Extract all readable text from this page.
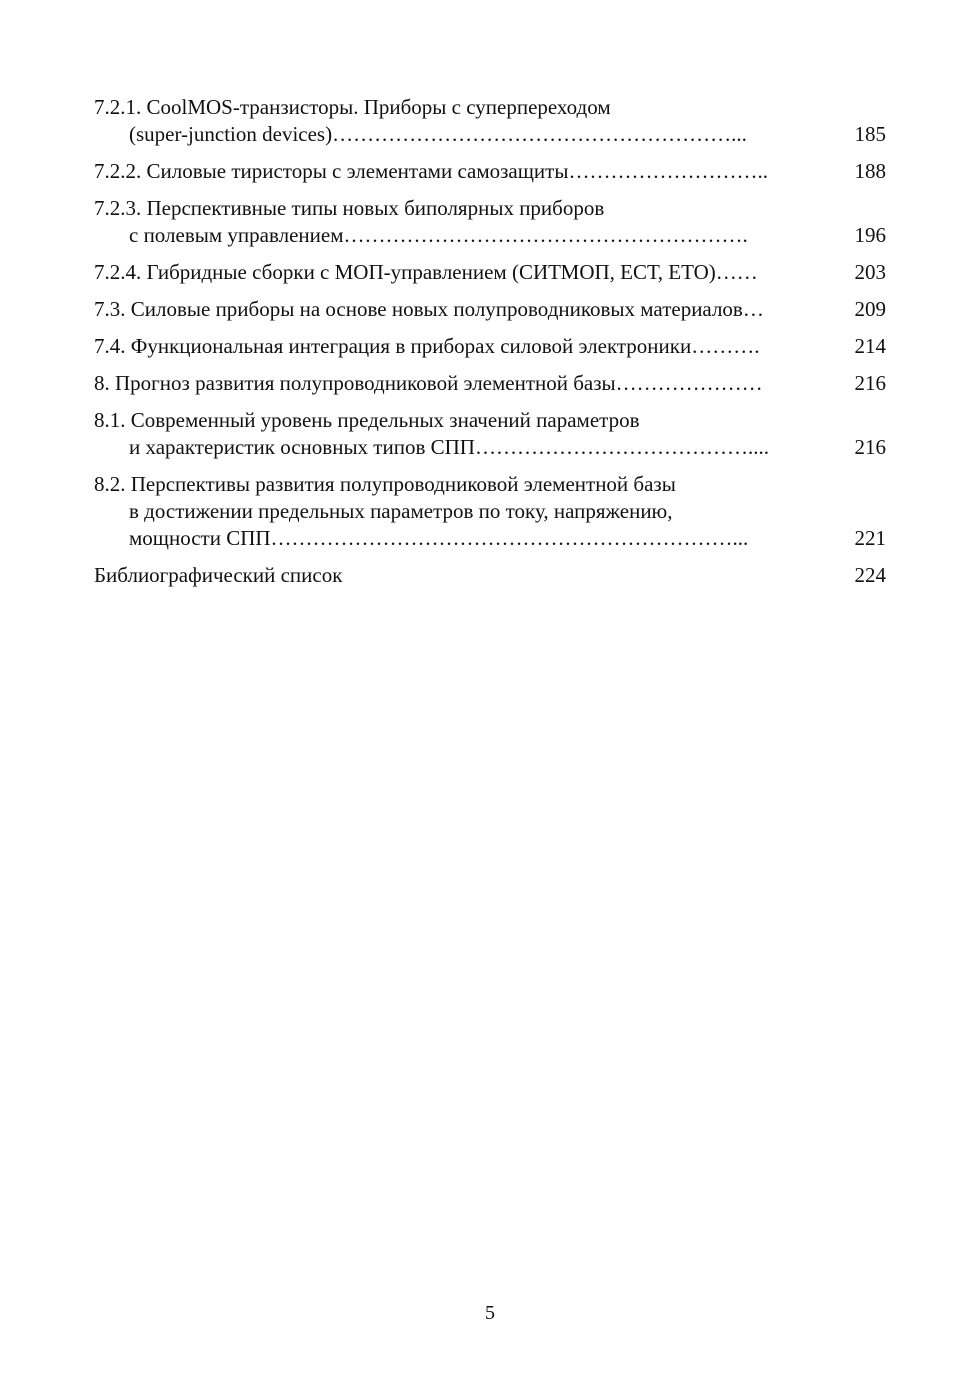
7.2.1. CoolMOS-транзисторы. Приборы с суперпереходом
(super-junction devices)…………………………………………………...	185
7.2.2. Силовые тиристоры с элементами самозащиты………………………..	188
7.2.3. Перспективные типы новых биполярных приборов
с полевым управлением………………………………………………….	196
7.2.4. Гибридные сборки с МОП-управлением (СИТМОП, ЕСТ, ЕТО)……	203
7.3. Силовые приборы на основе новых полупроводниковых материалов…	209
7.4. Функциональная интеграция в приборах силовой электроники……….	214
8. Прогноз развития полупроводниковой элементной базы…………………	216
8.1. Современный уровень предельных значений параметров
и характеристик основных типов СПП…………………………………....	216
8.2. Перспективы развития полупроводниковой элементной базы
в достижении предельных параметров по току, напряжению,
мощности СПП…………………………………………………………...	221
Библиографический список	224
5
